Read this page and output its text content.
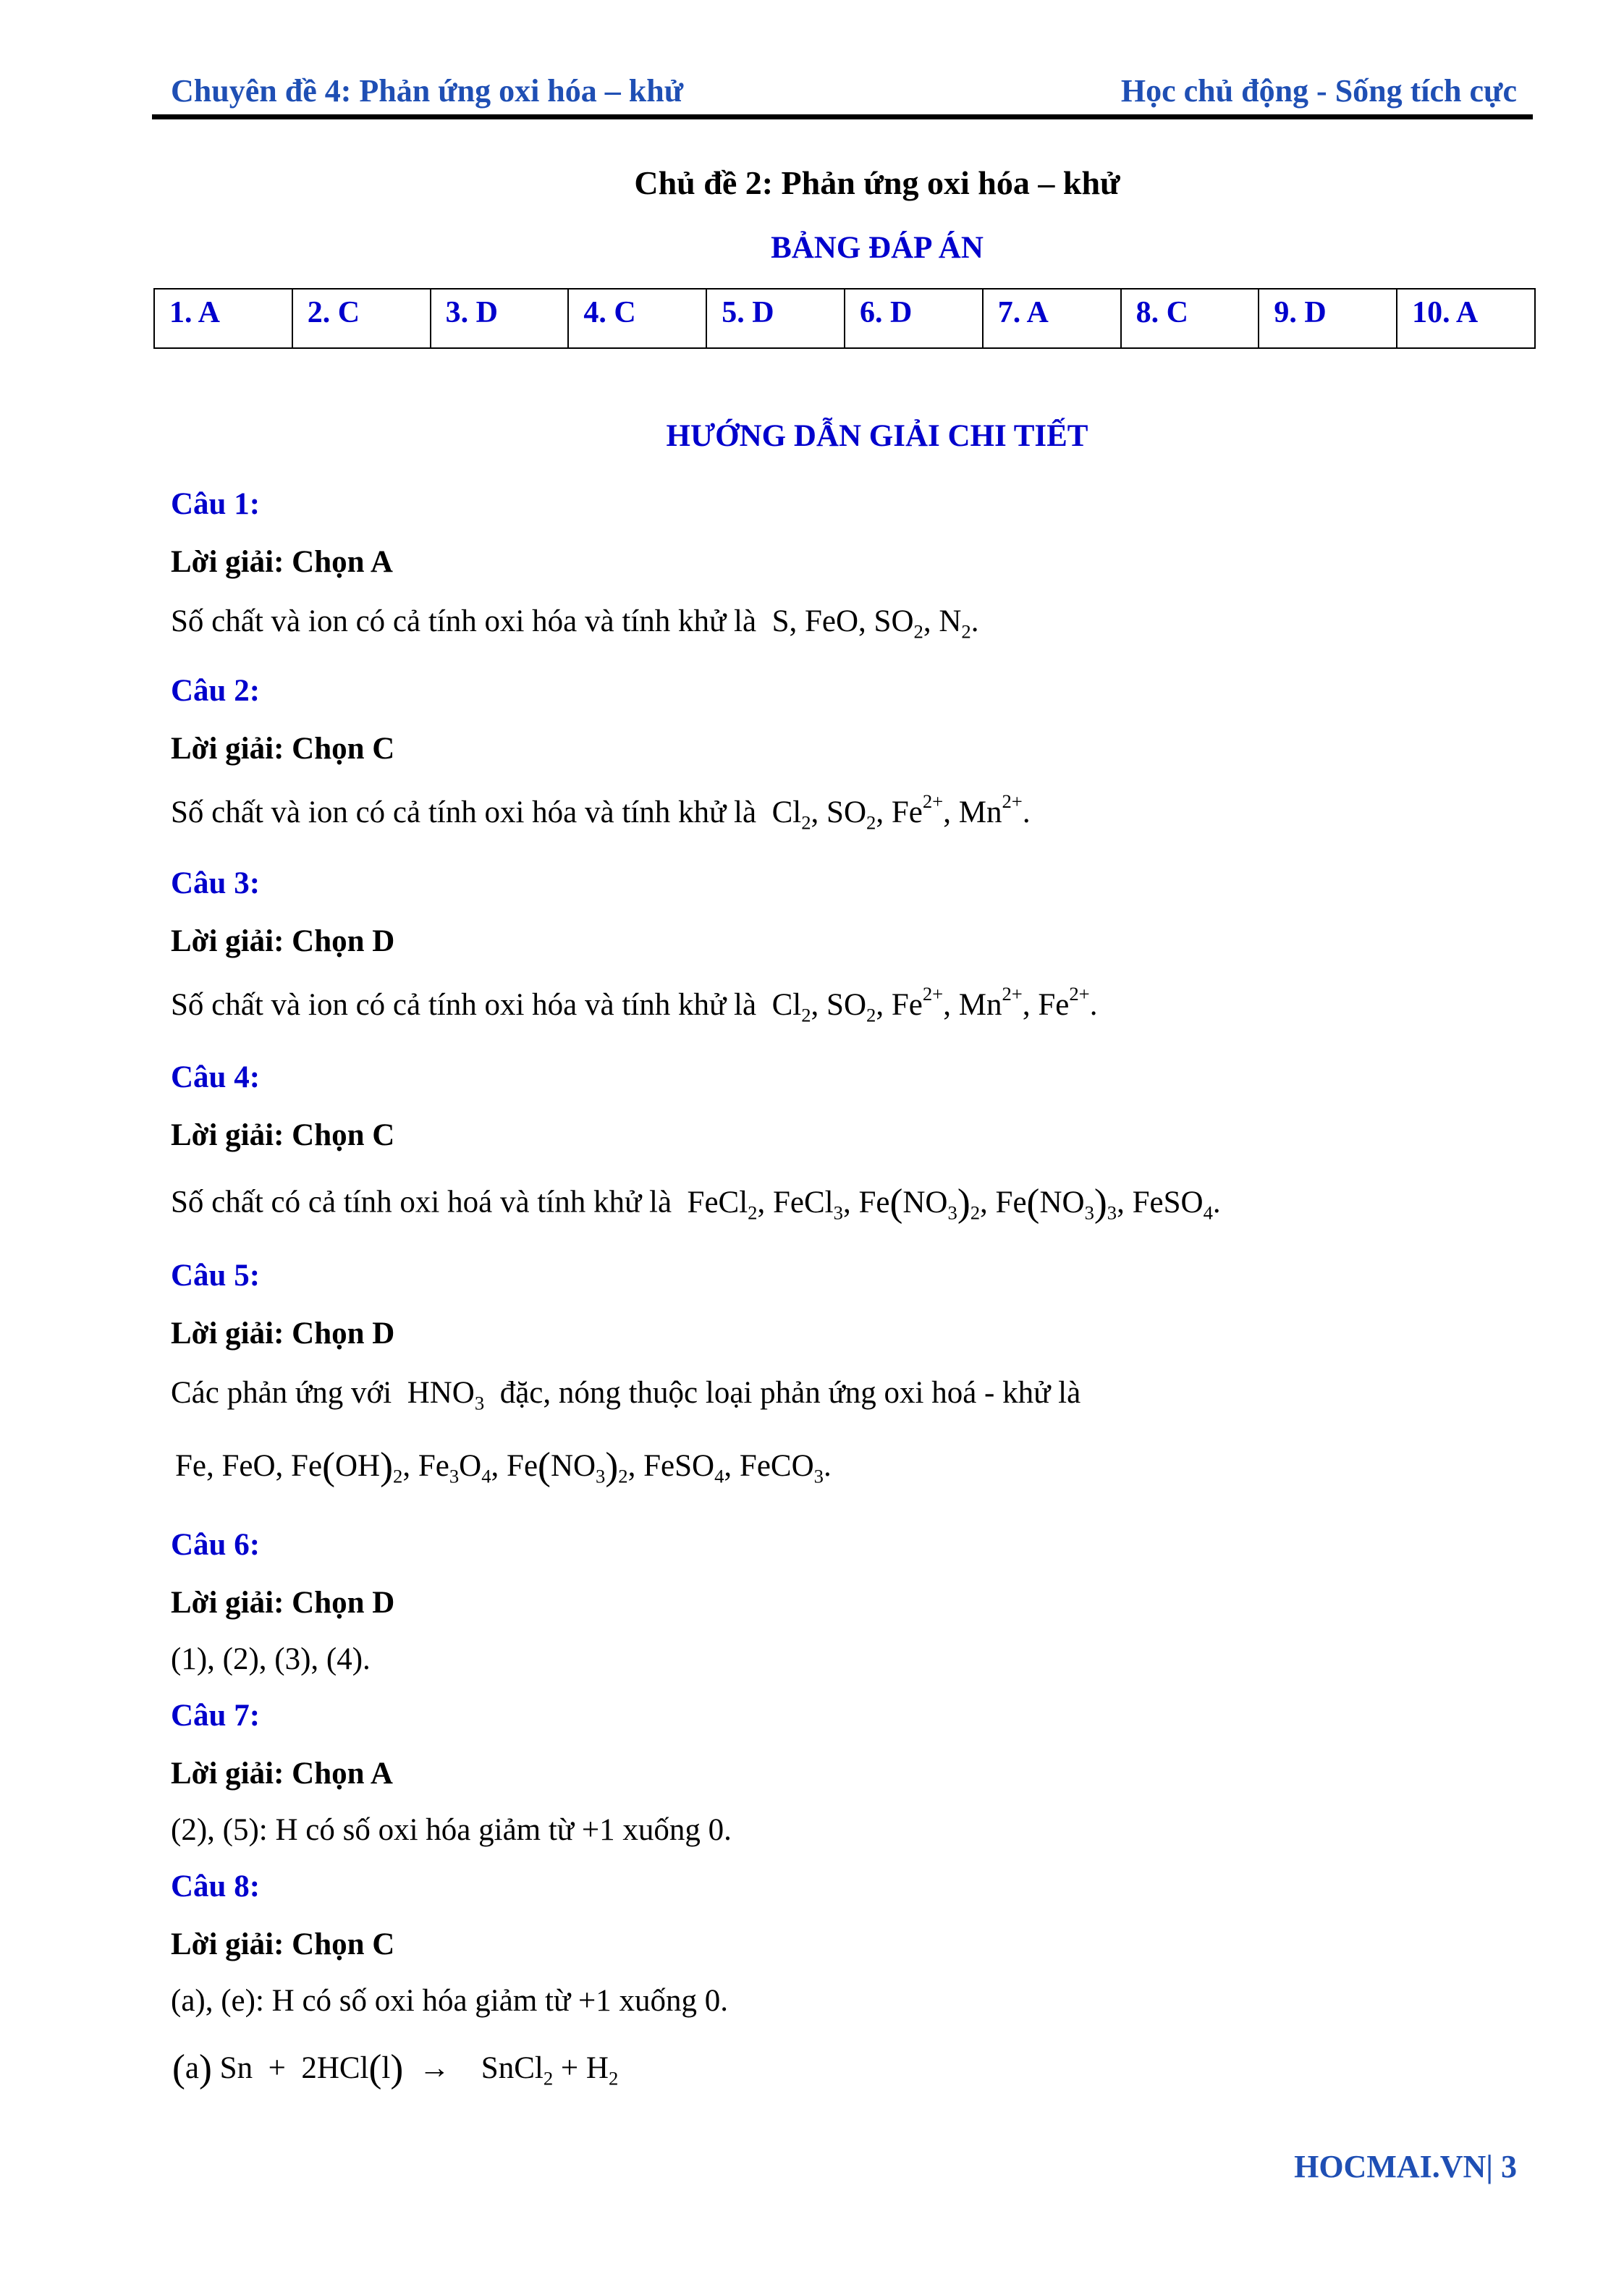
Chuyên đề 4: Phản ứng oxi hóa – khử	Học chủ động - Sống tích cực
Chủ đề 2: Phản ứng oxi hóa – khử
BẢNG ĐÁP ÁN
1. A	2. C	3. D	4. C	5. D	6. D	7. A	8. C	9. D	10. A
HƯỚNG DẪN GIẢI CHI TIẾT
Câu 1:
Lời giải: Chọn A
Số chất và ion có cả tính oxi hóa và tính khử là  S, FeO, $SO_2$, $N_2$.
Câu 2:
Lời giải: Chọn C
Số chất và ion có cả tính oxi hóa và tính khử là  $Cl_2$, $SO_2$, $Fe^{2+}$, $Mn^{2+}$.
Câu 3:
Lời giải: Chọn D
Số chất và ion có cả tính oxi hóa và tính khử là  $Cl_2$, $SO_2$, $Fe^{2+}$, $Mn^{2+}$, $Fe^{2+}$.
Câu 4:
Lời giải: Chọn C
Số chất có cả tính oxi hoá và tính khử là  FeCl$_2$, FeCl$_3$, $Fe(NO_3)_2$, $Fe(NO_3)_3$, FeSO$_4$.
Câu 5:
Lời giải: Chọn D
Các phản ứng với  $HNO_3$ đặc, nóng thuộc loại phản ứng oxi hoá - khử là
Fe, FeO, $Fe(OH)_2$, $Fe_3O_4$, $Fe(NO_3)_2$, FeSO$_4$, FeCO$_3$.
Câu 6:
Lời giải: Chọn D
(1), (2), (3), (4).
Câu 7:
Lời giải: Chọn A
(2), (5): H có số oxi hóa giảm từ +1 xuống 0.
Câu 8:
Lời giải: Chọn C
(a), (e): H có số oxi hóa giảm từ +1 xuống 0.
(a) Sn  +  2HCl(l)  →    SnCl$_2$ + $H_2$
HOCMAI.VN| 3
